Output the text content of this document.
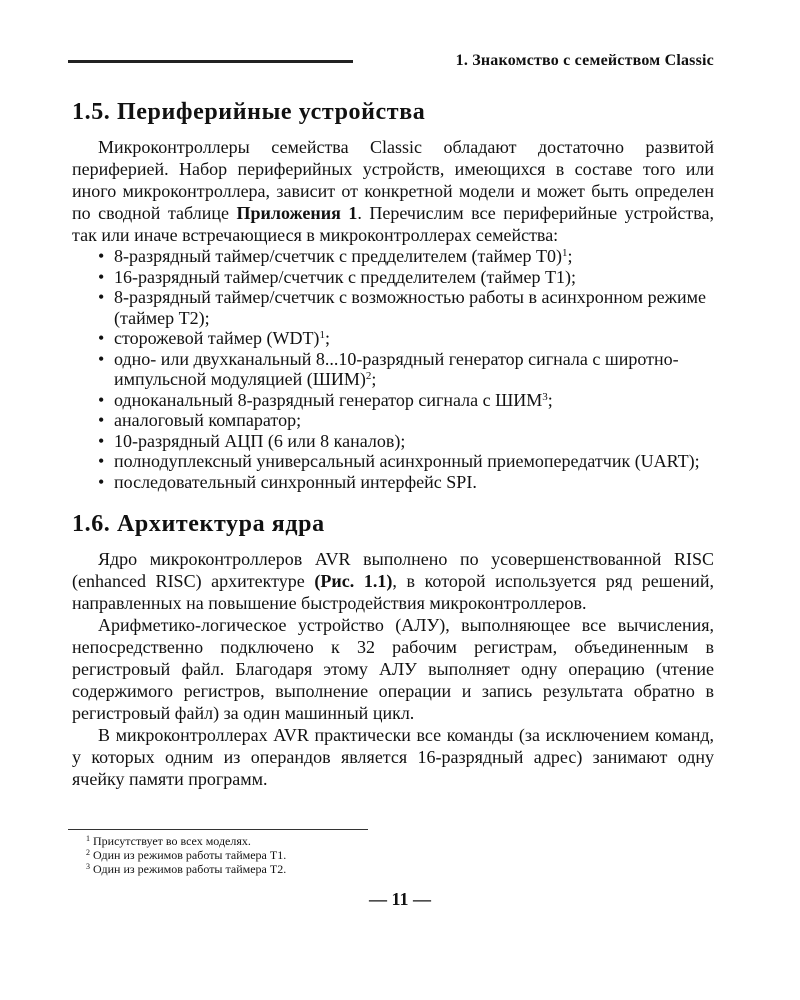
1. Знакомство с семейством Classic
1.5. Периферийные устройства

Микроконтроллеры семейства Classic обладают достаточно развитой периферией. Набор периферийных устройств, имеющихся в составе того или иного микроконтроллера, зависит от конкретной модели и может быть определен по сводной таблице Приложения 1. Перечислим все периферийные устройства, так или иначе встречающиеся в микроконтроллерах семейства:

• 8-разрядный таймер/счетчик с предделителем (таймер T0)$^1$;
• 16-разрядный таймер/счетчик с предделителем (таймер T1);
• 8-разрядный таймер/счетчик с возможностью работы в асинхронном режиме (таймер T2);
• сторожевой таймер (WDT)$^1$;
• одно- или двухканальный 8...10-разрядный генератор сигнала с широтно-импульсной модуляцией (ШИМ)$^2$;
• одноканальный 8-разрядный генератор сигнала с ШИМ$^3$;
• аналоговый компаратор;
• 10-разрядный АЦП (6 или 8 каналов);
• полнодуплексный универсальный асинхронный приемопередатчик (UART);
• последовательный синхронный интерфейс SPI.
1.6. Архитектура ядра

Ядро микроконтроллеров AVR выполнено по усовершенствованной RISC (enhanced RISC) архитектуре (Рис. 1.1), в которой используется ряд решений, направленных на повышение быстродействия микроконтроллеров.

Арифметико-логическое устройство (АЛУ), выполняющее все вычисления, непосредственно подключено к 32 рабочим регистрам, объединенным в регистровый файл. Благодаря этому АЛУ выполняет одну операцию (чтение содержимого регистров, выполнение операции и запись результата обратно в регистровый файл) за один машинный цикл.

В микроконтроллерах AVR практически все команды (за исключением команд, у которых одним из операндов является 16-разрядный адрес) занимают одну ячейку памяти программ.

$^1$ Присутствует во всех моделях.
$^2$ Один из режимов работы таймера T1.
$^3$ Один из режимов работы таймера T2.
— 11 —
